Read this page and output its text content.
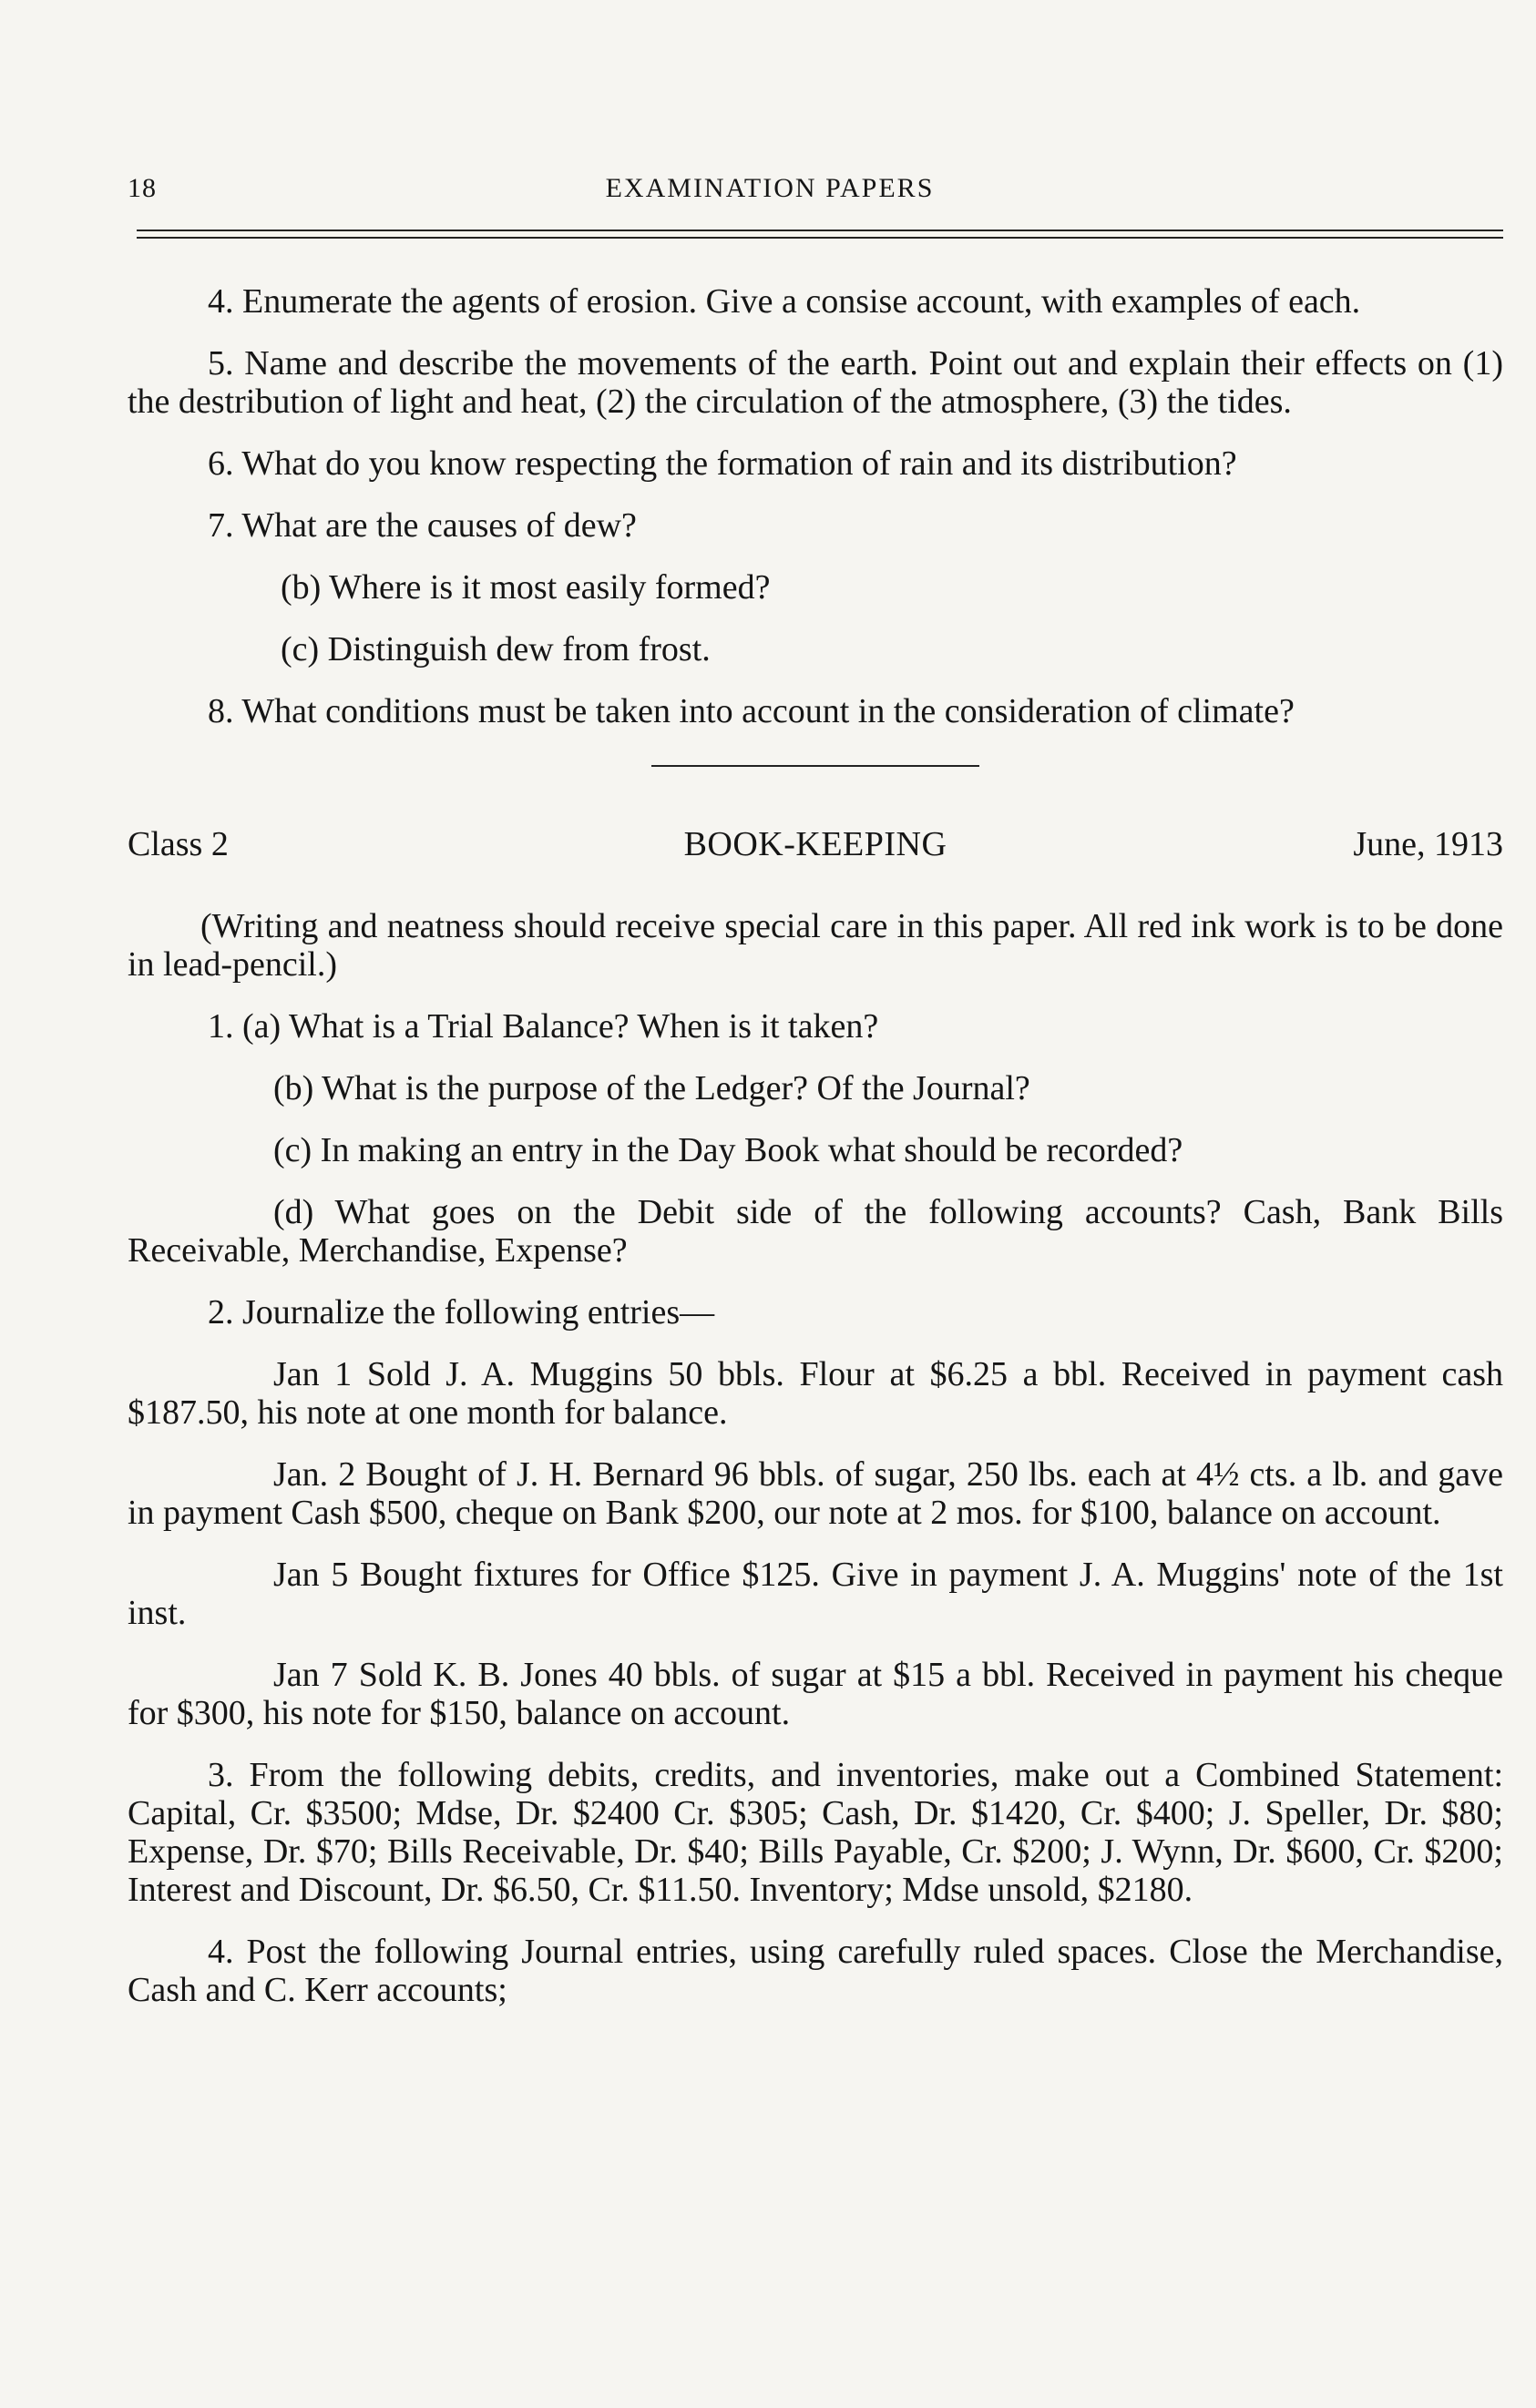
18	EXAMINATION PAPERS

4. Enumerate the agents of erosion. Give a consise account, with examples of each.

5. Name and describe the movements of the earth. Point out and explain their effects on (1) the destribution of light and heat, (2) the circulation of the atmosphere, (3) the tides.

6. What do you know respecting the formation of rain and its distribution?

7. What are the causes of dew?

(b) Where is it most easily formed?

(c) Distinguish dew from frost.

8. What conditions must be taken into account in the consideration of climate?

Class 2	BOOK-KEEPING	June, 1913

(Writing and neatness should receive special care in this paper. All red ink work is to be done in lead-pencil.)

1. (a) What is a Trial Balance? When is it taken?

(b) What is the purpose of the Ledger? Of the Journal?

(c) In making an entry in the Day Book what should be recorded?

(d) What goes on the Debit side of the following accounts? Cash, Bank Bills Receivable, Merchandise, Expense?

2. Journalize the following entries—

Jan 1 Sold J. A. Muggins 50 bbls. Flour at $6.25 a bbl. Received in payment cash $187.50, his note at one month for balance.

Jan. 2 Bought of J. H. Bernard 96 bbls. of sugar, 250 lbs. each at 4½ cts. a lb. and gave in payment Cash $500, cheque on Bank $200, our note at 2 mos. for $100, balance on account.

Jan 5 Bought fixtures for Office $125. Give in payment J. A. Muggins' note of the 1st inst.

Jan 7 Sold K. B. Jones 40 bbls. of sugar at $15 a bbl. Received in payment his cheque for $300, his note for $150, balance on account.

3. From the following debits, credits, and inventories, make out a Combined Statement: Capital, Cr. $3500; Mdse, Dr. $2400 Cr. $305; Cash, Dr. $1420, Cr. $400; J. Speller, Dr. $80; Expense, Dr. $70; Bills Receivable, Dr. $40; Bills Payable, Cr. $200; J. Wynn, Dr. $600, Cr. $200; Interest and Discount, Dr. $6.50, Cr. $11.50. Inventory; Mdse unsold, $2180.

4. Post the following Journal entries, using carefully ruled spaces. Close the Merchandise, Cash and C. Kerr accounts;
